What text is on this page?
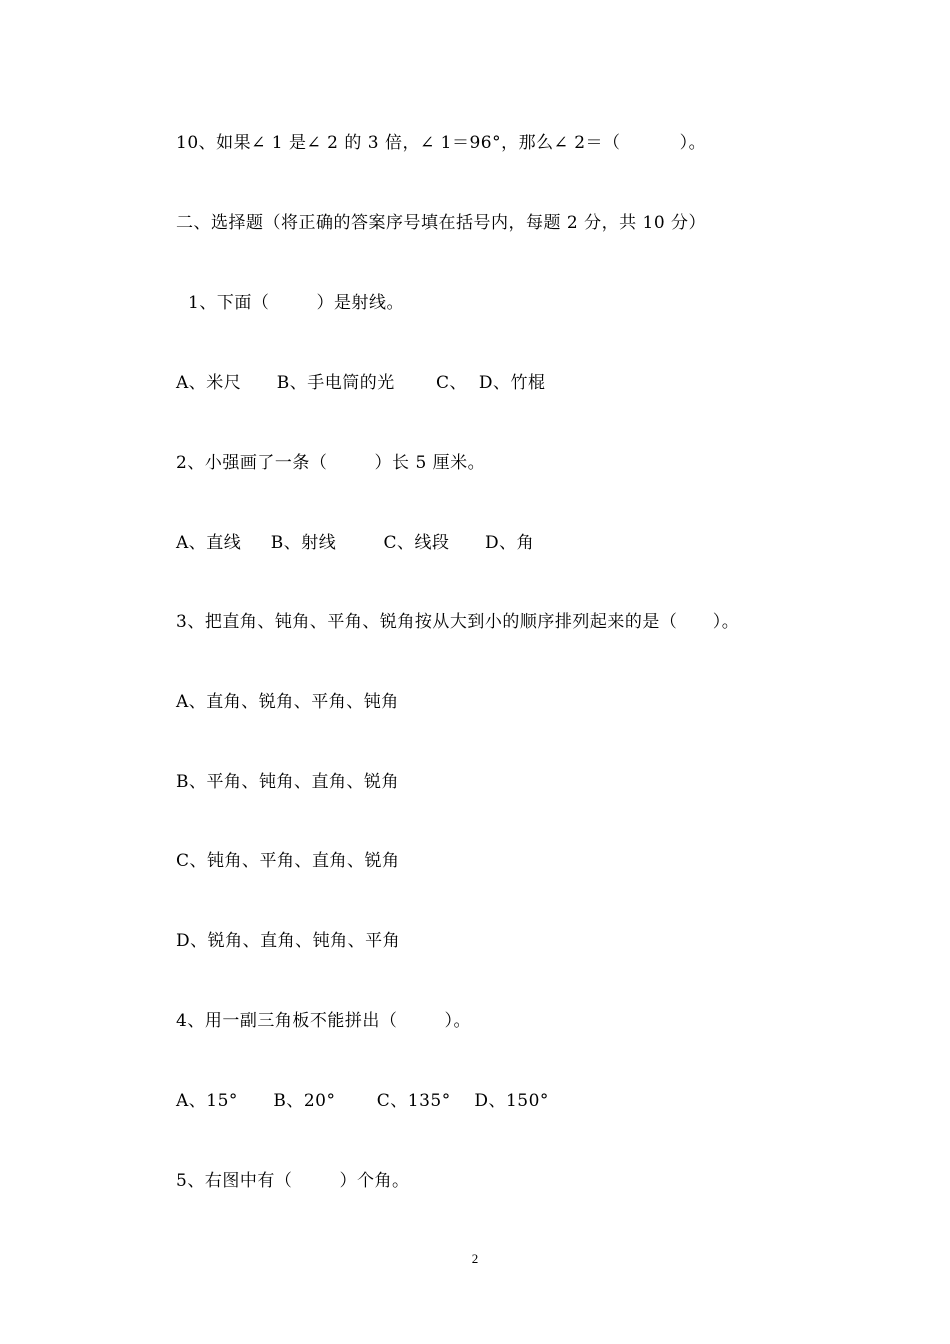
10、如果∠ 1 是∠ 2 的 3 倍，∠ 1＝96°，那么∠ 2＝（          ）。
二、选择题（将正确的答案序号填在括号内，每题 2 分，共 10 分）
1、下面（        ）是射线。
A、米尺      B、手电筒的光       C、  D、竹棍
2、小强画了一条（        ）长 5 厘米。
A、直线     B、射线        C、线段      D、角
3、把直角、钝角、平角、锐角按从大到小的顺序排列起来的是（      ）。
A、直角、锐角、平角、钝角
B、平角、钝角、直角、锐角
C、钝角、平角、直角、锐角
D、锐角、直角、钝角、平角
4、用一副三角板不能拼出（        ）。
A、15°      B、20°       C、135°    D、150°
5、右图中有（        ）个角。
2
